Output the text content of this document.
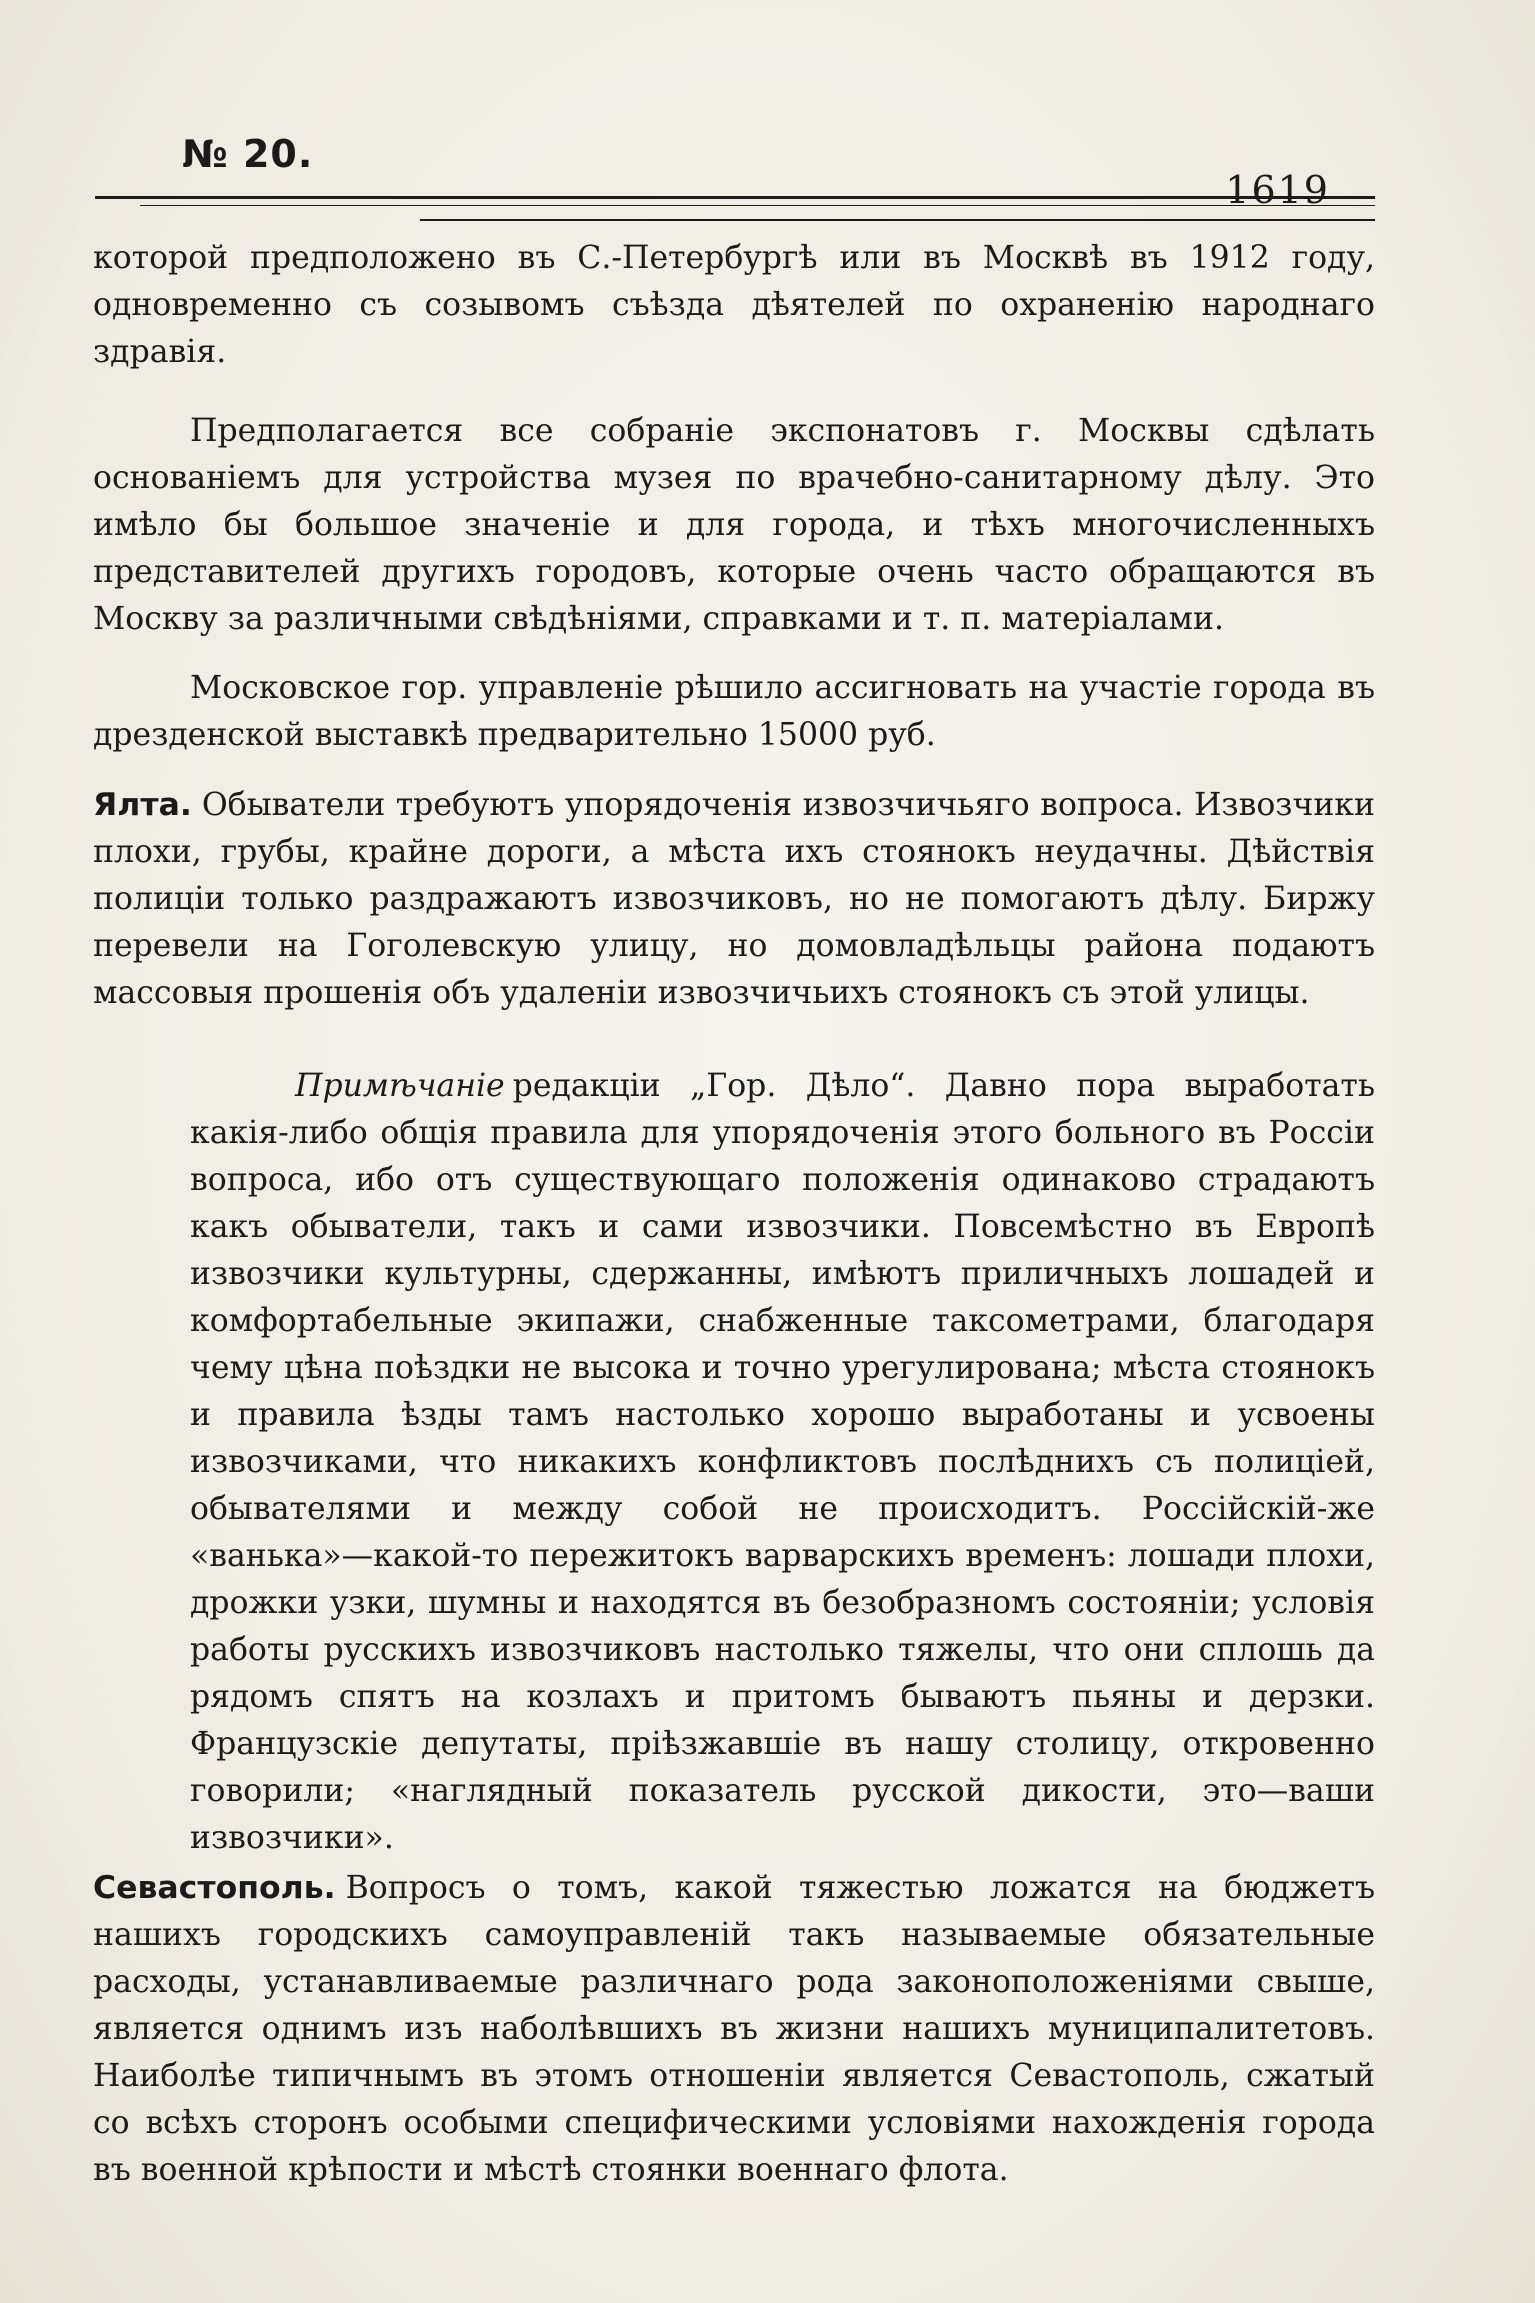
№ 20.
1619

которой предположено въ С.-Петербургѣ или въ Москвѣ въ 1912 году, одновременно съ созывомъ съѣзда дѣятелей по охраненію народнаго здравія.

Предполагается все собраніе экспонатовъ г. Москвы сдѣлать основаніемъ для устройства музея по врачебно-санитарному дѣлу. Это имѣло бы большое значеніе и для города, и тѣхъ многочисленныхъ представителей другихъ городовъ, которые очень часто обращаются въ Москву за различными свѣдѣніями, справками и т. п. матеріалами.

Московское гор. управленіе рѣшило ассигновать на участіе города въ дрезденской выставкѣ предварительно 15000 руб.

Ялта. Обыватели требуютъ упорядоченія извозчичьяго вопроса. Извозчики плохи, грубы, крайне дороги, а мѣста ихъ стоянокъ неудачны. Дѣйствія полиціи только раздражаютъ извозчиковъ, но не помогаютъ дѣлу. Биржу перевели на Гоголевскую улицу, но домовладѣльцы района подаютъ массовыя прошенія объ удаленіи извозчичьихъ стоянокъ съ этой улицы.

Примѣчаніе редакціи „Гор. Дѣло“. Давно пора выработать какія-либо общія правила для упорядоченія этого больного въ Россіи вопроса, ибо отъ существующаго положенія одинаково страдаютъ какъ обыватели, такъ и сами извозчики. Повсемѣстно въ Европѣ извозчики культурны, сдержанны, имѣютъ приличныхъ лошадей и комфортабельные экипажи, снабженные таксометрами, благодаря чему цѣна поѣздки не высока и точно урегулирована; мѣста стоянокъ и правила ѣзды тамъ настолько хорошо выработаны и усвоены извозчиками, что никакихъ конфликтовъ послѣднихъ съ полиціей, обывателями и между собой не происходитъ. Россійскій-же «ванька»—какой-то пережитокъ варварскихъ временъ: лошади плохи, дрожки узки, шумны и находятся въ безобразномъ состояніи; условія работы русскихъ извозчиковъ настолько тяжелы, что они сплошь да рядомъ спятъ на козлахъ и притомъ бываютъ пьяны и дерзки. Французскіе депутаты, пріѣзжавшіе въ нашу столицу, откровенно говорили; «наглядный показатель русской дикости, это—ваши извозчики».

Севастополь. Вопросъ о томъ, какой тяжестью ложатся на бюджетъ нашихъ городскихъ самоуправленій такъ называемые обязательные расходы, устанавливаемые различнаго рода законоположеніями свыше, является однимъ изъ наболѣвшихъ въ жизни нашихъ муниципалитетовъ. Наиболѣе типичнымъ въ этомъ отношеніи является Севастополь, сжатый со всѣхъ сторонъ особыми специфическими условіями нахожденія города въ военной крѣпости и мѣстѣ стоянки военнаго флота.
